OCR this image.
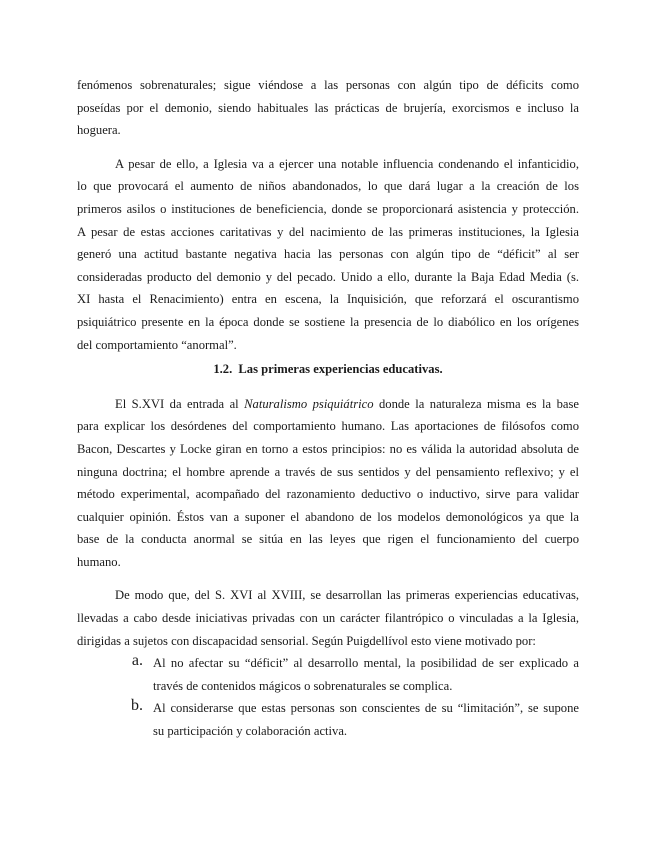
fenómenos sobrenaturales; sigue viéndose a las personas con algún tipo de déficits como
poseídas por el demonio, siendo habituales las prácticas de brujería, exorcismos e incluso la
hoguera.
A pesar de ello, a Iglesia va a ejercer una notable influencia condenando el infanticidio,
lo que provocará el aumento de niños abandonados, lo que dará lugar a la creación de los
primeros asilos o instituciones de beneficiencia, donde se proporcionará asistencia y protección.
A pesar de estas acciones caritativas y del nacimiento de las primeras instituciones, la Iglesia
generó una actitud bastante negativa hacia las personas con algún tipo de “déficit” al ser
consideradas producto del demonio y del pecado. Unido a ello, durante la Baja Edad Media (s.
XI hasta el Renacimiento) entra en escena, la Inquisición, que reforzará el oscurantismo
psiquiátrico presente en la época donde se sostiene la presencia de lo diabólico en los orígenes
del comportamiento “anormal”.
1.2. Las primeras experiencias educativas.
El S.XVI da entrada al Naturalismo psiquiátrico donde la naturaleza misma es la base
para explicar los desórdenes del comportamiento humano. Las aportaciones de filósofos como
Bacon, Descartes y Locke giran en torno a estos principios: no es válida la autoridad absoluta de
ninguna doctrina; el hombre aprende a través de sus sentidos y del pensamiento reflexivo; y el
método experimental, acompañado del razonamiento deductivo o inductivo, sirve para validar
cualquier opinión. Éstos van a suponer el abandono de los modelos demonológicos ya que la
base de la conducta anormal se sitúa en las leyes que rigen el funcionamiento del cuerpo
humano.
De modo que, del S. XVI al XVIII, se desarrollan las primeras experiencias educativas,
llevadas a cabo desde iniciativas privadas con un carácter filantrópico o vinculadas a la Iglesia,
dirigidas a sujetos con discapacidad sensorial. Según Puigdellívol esto viene motivado por:
a. Al no afectar su “déficit” al desarrollo mental, la posibilidad de ser explicado a
través de contenidos mágicos o sobrenaturales se complica.
b. Al considerarse que estas personas son conscientes de su “limitación”, se supone
su participación y colaboración activa.
